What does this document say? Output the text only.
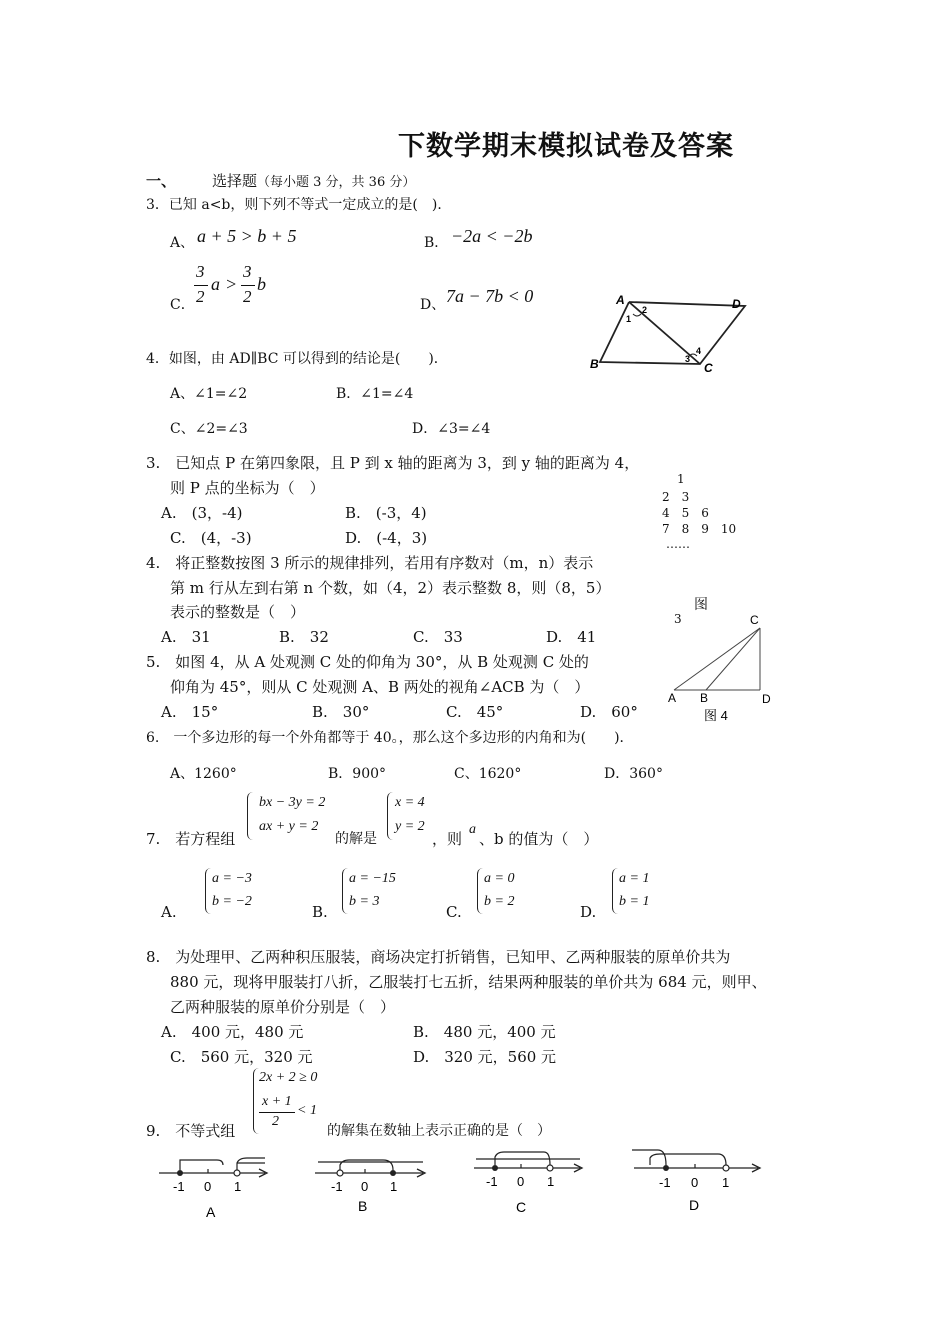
下数学期末模拟试卷及答案
一、 选择题（每小题 3 分，共 36 分）
3．已知 a<b，则下列不等式一定成立的是(　)．
A、 a + 5 > b + 5	B． −2a < −2b
C．
3
2
a >
3
2
b
D、 7a − 7b < 0	A	D
B	C
1
2
3
4
4．如图，由 AD∥BC 可以得到的结论是(　　)．
A、∠1=∠2	B．∠1=∠4
C、∠2=∠3	D．∠3=∠4
3.　已知点 P 在第四象限，且 P 到 x 轴的距离为 3，到 y 轴的距离为 4，
则 P 点的坐标为（　）
A.　(3，-4)	B.　(-3，4)
C.　(4，-3)	D.　(-4，3)
1
2　3
4　5　6
7　8　9　10
……
图
3
4.　将正整数按图 3 所示的规律排列，若用有序数对（m，n）表示
第 m 行从左到右第 n 个数，如（4，2）表示整数 8，则（8，5）
表示的整数是（　）
A.　31	B.　32	C.　33	D.　41
C
A B	D
图 4
5.　如图 4，从 A 处观测 C 处的仰角为 30°，从 B 处观测 C 处的
仰角为 45°，则从 C 处观测 A、B 两处的视角∠ACB 为（　）
A.　15°	B.　30°	C.　45°	D.　60°
6.　一个多边形的每一个外角都等于 40。，那么这个多边形的内角和为(　　)．
A、1260°	B．900°	C、1620°	D．360°
7.　若方程组
bx − 3y = 2
ax + y = 2
的解是
x = 4
y = 2
，则
a
、b 的值为（　）
A.
a = −3
b = −2
B.
a = −15
b = 3
C.
a = 0
b = 2
D.
a = 1
b = 1
8.　为处理甲、乙两种积压服装，商场决定打折销售，已知甲、乙两种服装的原单价共为
880 元，现将甲服装打八折，乙服装打七五折，结果两种服装的单价共为 684 元，则甲、
乙两种服装的原单价分别是（　）
A.　400 元，480 元	B.　480 元，400 元
C.　560 元，320 元	D.　320 元，560 元
9.　不等式组
2x + 2 ≥ 0
x + 1
2
< 1
的解集在数轴上表示正确的是（　）
-1 0 1
A
-1 0 1
B
-1 0 1
C
-1 0 1
D
